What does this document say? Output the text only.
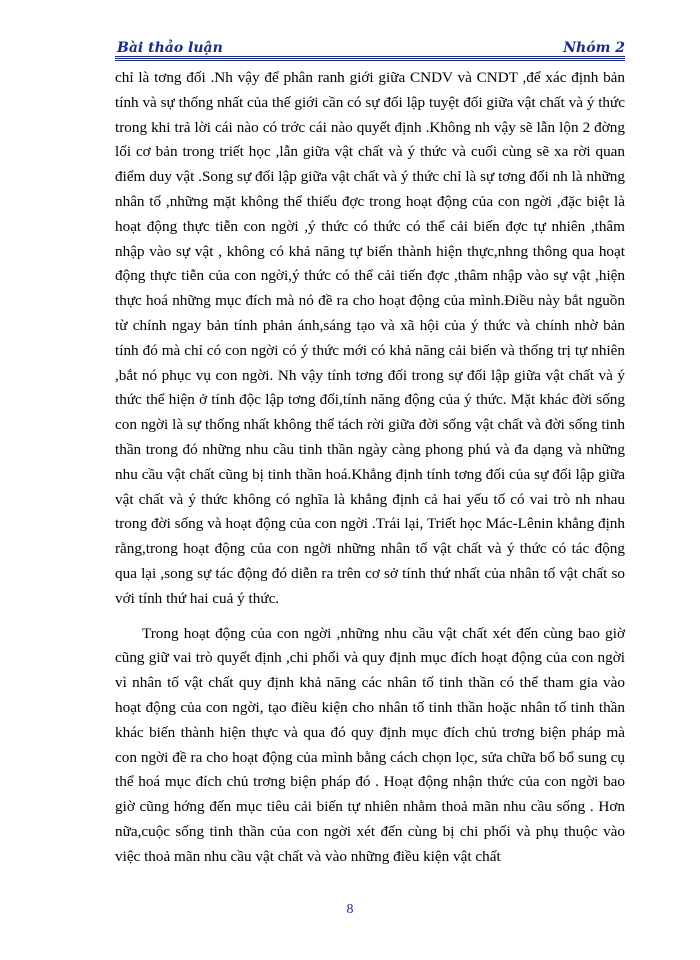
Bài thảo luận	Nhóm 2

chỉ là tơng đối .Nh vậy để phân ranh giới giữa CNDV và CNDT ,để xác định bản tính và sự thống nhất của thế giới cần có sự đối lập tuyệt đối giữa vật chất và ý thức trong khi trả lời cái nào có trớc cái nào quyết định .Không nh vậy sẽ lẫn lộn 2 đờng lối cơ bản trong triết học ,lẫn giữa vật chất và ý thức và cuối cùng sẽ xa rời quan điểm duy vật .Song sự đối lập giữa vật chất và ý thức chỉ là sự tơng đối nh là những nhân tố ,những mặt không thể thiếu đợc trong hoạt động của con ngời ,đặc biệt là hoạt động thực tiễn con ngời ,ý thức có thức có thể cải biến đợc tự nhiên ,thâm nhập vào sự vật , không có khả năng tự biến thành hiện thực,nhng thông qua hoạt động thực tiễn của con ngời,ý thức có thể cải tiến đợc ,thâm nhập vào sự vật ,hiện thực hoá những mục đích mà nó đề ra cho hoạt động của mình.Điều này bắt nguồn từ chính ngay bản tính phản ánh,sáng tạo và xã hội của ý thức và chính nhờ bản tính đó mà chỉ có con ngời có ý thức mới có khả năng cải biến và thống trị tự nhiên ,bắt nó phục vụ con ngời. Nh vậy tính tơng đối trong sự đối lập giữa vật chất và ý thức thể hiện ở tính độc lập tơng đối,tính năng động của ý thức. Mặt khác đời sống con ngời là sự thống nhất không thể tách rời giữa đời sống vật chất và đời sống tinh thần trong đó những nhu cầu tinh thần ngày càng phong phú và đa dạng và những nhu cầu vật chất cũng bị tinh thần hoá.Khẳng định tính tơng đối của sự đối lập giữa vật chất và ý thức không có nghĩa là khẳng định cả hai yếu tố có vai trò nh nhau trong đời sống và hoạt động của con ngời .Trái lại, Triết học Mác-Lênin khẳng định rằng,trong hoạt động của con ngời những nhân tố vật chất và ý thức có tác động qua lại ,song sự tác động đó diễn ra trên cơ sở tính thứ nhất của nhân tố vật chất so với tính thứ hai cuả ý thức.

Trong hoạt động của con ngời ,những nhu cầu vật chất xét đến cùng bao giờ cũng giữ vai trò quyết định ,chi phối và quy định mục đích hoạt động của con ngời vì nhân tố vật chất quy định khả năng các nhân tố tinh thần có thể tham gia vào hoạt động của con ngời, tạo điều kiện cho nhân tố tinh thần hoặc nhân tố tinh thần khác biến thành hiện thực và qua đó quy định mục đích chủ trơng biện pháp mà con ngời đề ra cho hoạt động của mình bằng cách chọn lọc, sửa chữa bổ bổ sung cụ thể hoá mục đích chủ trơng biện pháp đó . Hoạt động nhận thức của con ngời bao giờ cũng hớng đến mục tiêu cải biến tự nhiên nhằm thoả mãn nhu cầu sống . Hơn nữa,cuộc sống tinh thần của con ngời xét đến cùng bị chi phối và phụ thuộc vào việc thoả mãn nhu cầu vật chất và vào những điều kiện vật chất

8
